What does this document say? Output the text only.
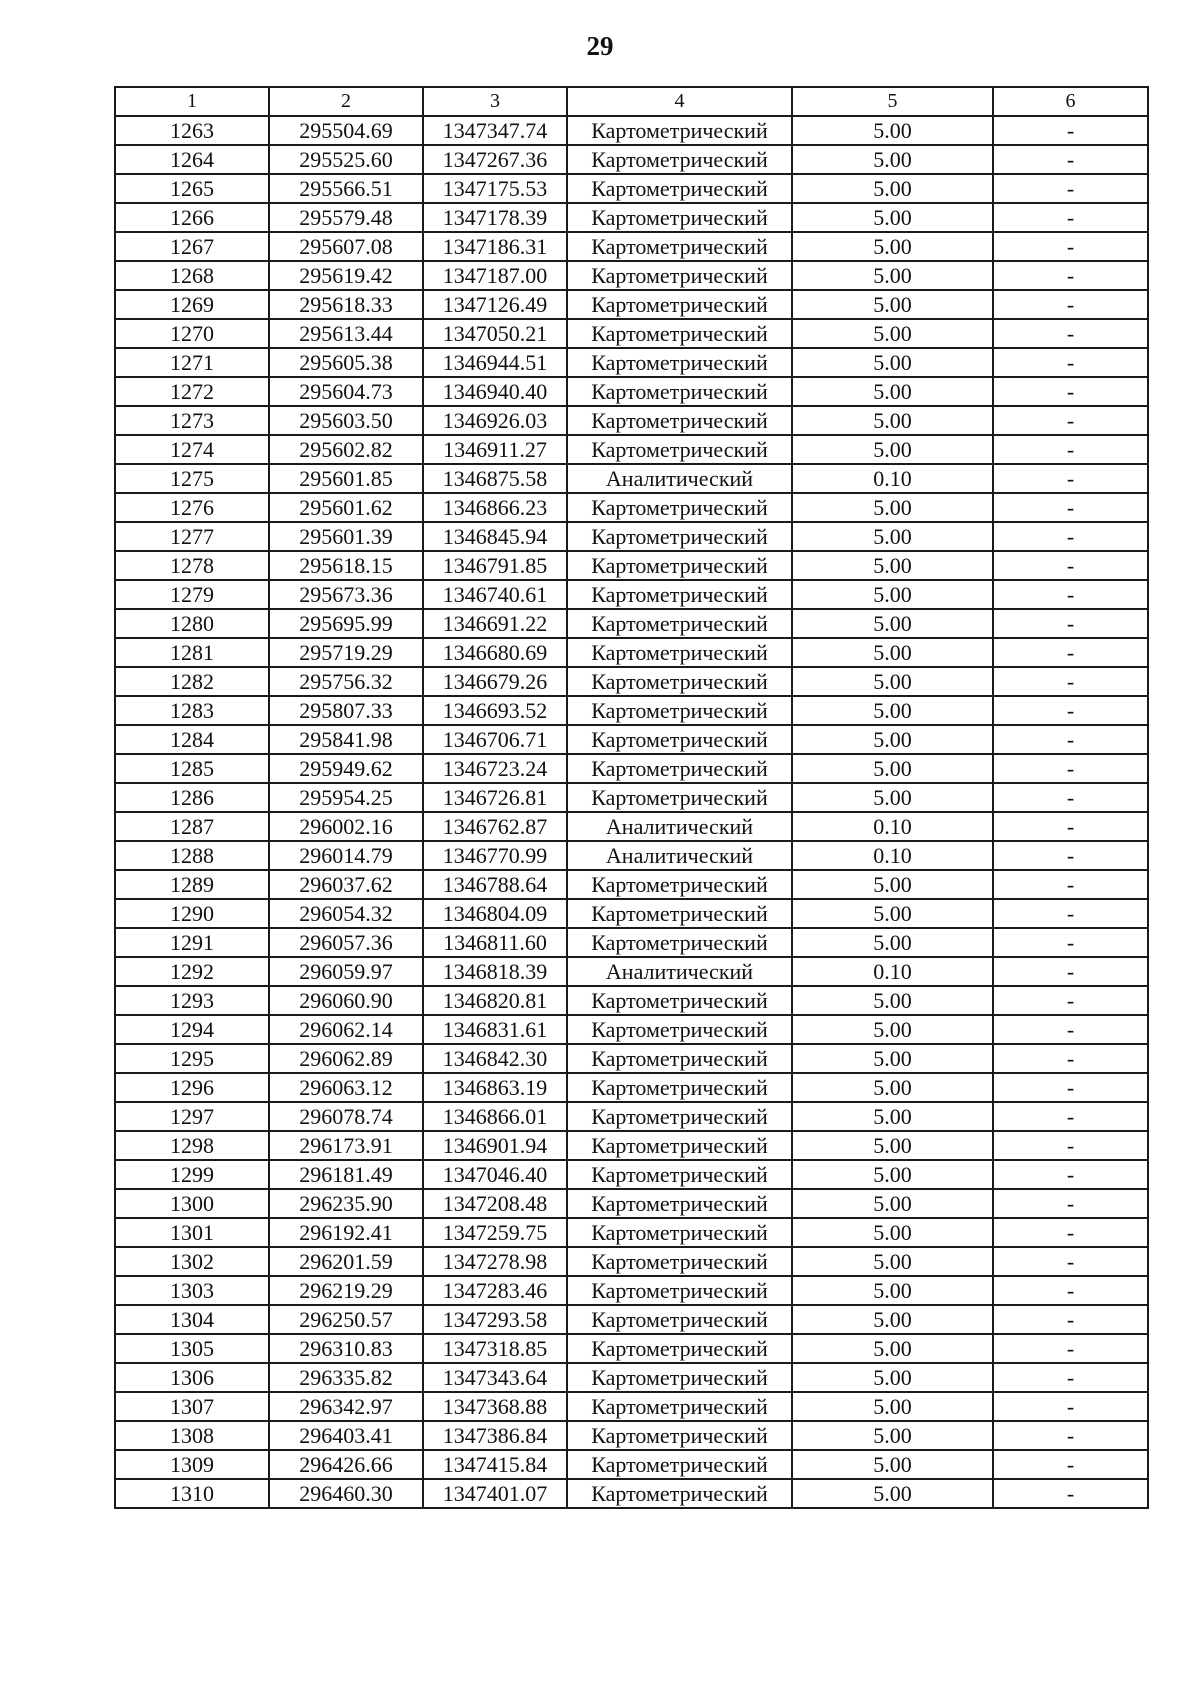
29
1	2	3	4	5	6
1263	295504.69	1347347.74	Картометрический	5.00	-
1264	295525.60	1347267.36	Картометрический	5.00	-
1265	295566.51	1347175.53	Картометрический	5.00	-
1266	295579.48	1347178.39	Картометрический	5.00	-
1267	295607.08	1347186.31	Картометрический	5.00	-
1268	295619.42	1347187.00	Картометрический	5.00	-
1269	295618.33	1347126.49	Картометрический	5.00	-
1270	295613.44	1347050.21	Картометрический	5.00	-
1271	295605.38	1346944.51	Картометрический	5.00	-
1272	295604.73	1346940.40	Картометрический	5.00	-
1273	295603.50	1346926.03	Картометрический	5.00	-
1274	295602.82	1346911.27	Картометрический	5.00	-
1275	295601.85	1346875.58	Аналитический	0.10	-
1276	295601.62	1346866.23	Картометрический	5.00	-
1277	295601.39	1346845.94	Картометрический	5.00	-
1278	295618.15	1346791.85	Картометрический	5.00	-
1279	295673.36	1346740.61	Картометрический	5.00	-
1280	295695.99	1346691.22	Картометрический	5.00	-
1281	295719.29	1346680.69	Картометрический	5.00	-
1282	295756.32	1346679.26	Картометрический	5.00	-
1283	295807.33	1346693.52	Картометрический	5.00	-
1284	295841.98	1346706.71	Картометрический	5.00	-
1285	295949.62	1346723.24	Картометрический	5.00	-
1286	295954.25	1346726.81	Картометрический	5.00	-
1287	296002.16	1346762.87	Аналитический	0.10	-
1288	296014.79	1346770.99	Аналитический	0.10	-
1289	296037.62	1346788.64	Картометрический	5.00	-
1290	296054.32	1346804.09	Картометрический	5.00	-
1291	296057.36	1346811.60	Картометрический	5.00	-
1292	296059.97	1346818.39	Аналитический	0.10	-
1293	296060.90	1346820.81	Картометрический	5.00	-
1294	296062.14	1346831.61	Картометрический	5.00	-
1295	296062.89	1346842.30	Картометрический	5.00	-
1296	296063.12	1346863.19	Картометрический	5.00	-
1297	296078.74	1346866.01	Картометрический	5.00	-
1298	296173.91	1346901.94	Картометрический	5.00	-
1299	296181.49	1347046.40	Картометрический	5.00	-
1300	296235.90	1347208.48	Картометрический	5.00	-
1301	296192.41	1347259.75	Картометрический	5.00	-
1302	296201.59	1347278.98	Картометрический	5.00	-
1303	296219.29	1347283.46	Картометрический	5.00	-
1304	296250.57	1347293.58	Картометрический	5.00	-
1305	296310.83	1347318.85	Картометрический	5.00	-
1306	296335.82	1347343.64	Картометрический	5.00	-
1307	296342.97	1347368.88	Картометрический	5.00	-
1308	296403.41	1347386.84	Картометрический	5.00	-
1309	296426.66	1347415.84	Картометрический	5.00	-
1310	296460.30	1347401.07	Картометрический	5.00	-
